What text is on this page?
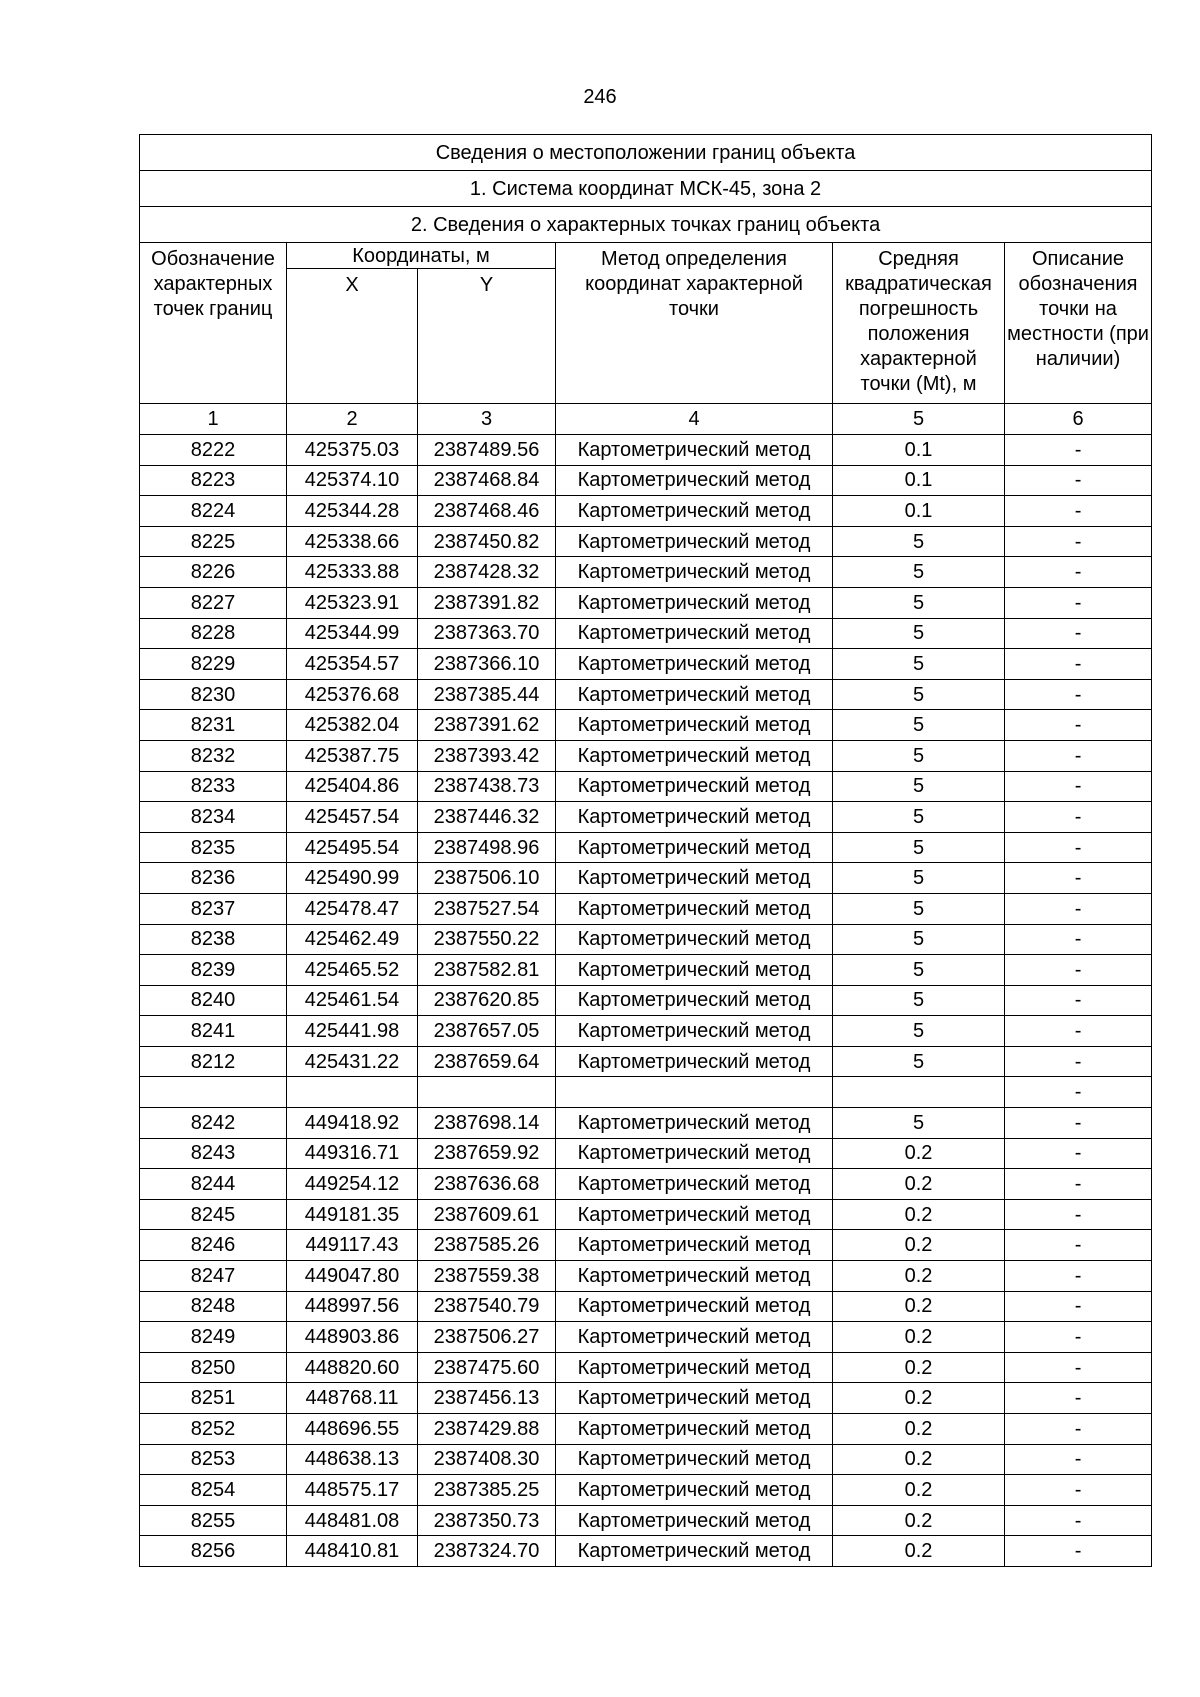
246
Сведения о местоположении границ объекта					
1. Система координат МСК-45, зона 2					
2. Сведения о характерных точках границ объекта					
Обозначение характерных точек границ	Координаты, м		Метод определения координат характерной точки	Средняя квадратическая погрешность положения характерной точки (Mt), м	Описание обозначения точки на местности (при наличии)
	X	Y			
1	2	3	4	5	6
8222	425375.03	2387489.56	Картометрический метод	0.1	-
8223	425374.10	2387468.84	Картометрический метод	0.1	-
8224	425344.28	2387468.46	Картометрический метод	0.1	-
8225	425338.66	2387450.82	Картометрический метод	5	-
8226	425333.88	2387428.32	Картометрический метод	5	-
8227	425323.91	2387391.82	Картометрический метод	5	-
8228	425344.99	2387363.70	Картометрический метод	5	-
8229	425354.57	2387366.10	Картометрический метод	5	-
8230	425376.68	2387385.44	Картометрический метод	5	-
8231	425382.04	2387391.62	Картометрический метод	5	-
8232	425387.75	2387393.42	Картометрический метод	5	-
8233	425404.86	2387438.73	Картометрический метод	5	-
8234	425457.54	2387446.32	Картометрический метод	5	-
8235	425495.54	2387498.96	Картометрический метод	5	-
8236	425490.99	2387506.10	Картометрический метод	5	-
8237	425478.47	2387527.54	Картометрический метод	5	-
8238	425462.49	2387550.22	Картометрический метод	5	-
8239	425465.52	2387582.81	Картометрический метод	5	-
8240	425461.54	2387620.85	Картометрический метод	5	-
8241	425441.98	2387657.05	Картометрический метод	5	-
8212	425431.22	2387659.64	Картометрический метод	5	-
					-
8242	449418.92	2387698.14	Картометрический метод	5	-
8243	449316.71	2387659.92	Картометрический метод	0.2	-
8244	449254.12	2387636.68	Картометрический метод	0.2	-
8245	449181.35	2387609.61	Картометрический метод	0.2	-
8246	449117.43	2387585.26	Картометрический метод	0.2	-
8247	449047.80	2387559.38	Картометрический метод	0.2	-
8248	448997.56	2387540.79	Картометрический метод	0.2	-
8249	448903.86	2387506.27	Картометрический метод	0.2	-
8250	448820.60	2387475.60	Картометрический метод	0.2	-
8251	448768.11	2387456.13	Картометрический метод	0.2	-
8252	448696.55	2387429.88	Картометрический метод	0.2	-
8253	448638.13	2387408.30	Картометрический метод	0.2	-
8254	448575.17	2387385.25	Картометрический метод	0.2	-
8255	448481.08	2387350.73	Картометрический метод	0.2	-
8256	448410.81	2387324.70	Картометрический метод	0.2	-
